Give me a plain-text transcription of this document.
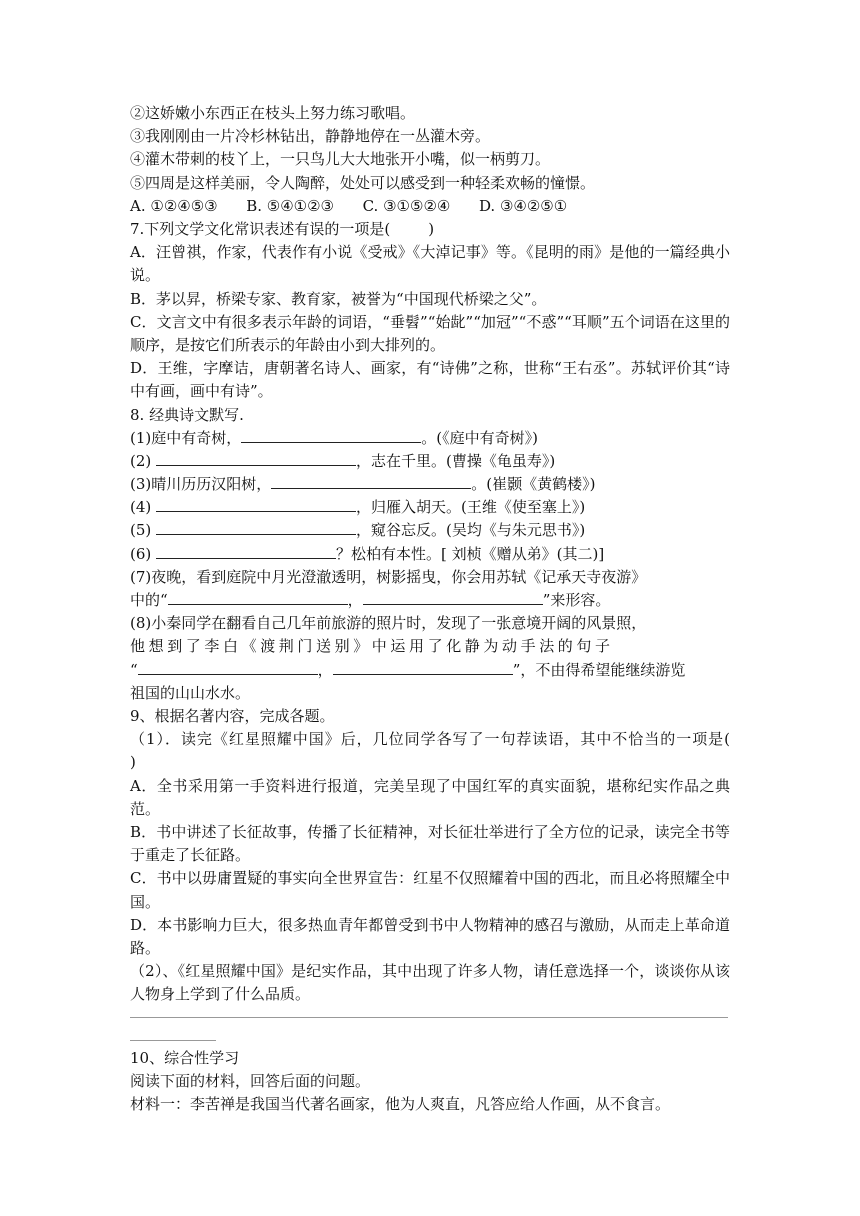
②这娇嫩小东西正在枝头上努力练习歌唱。
③我刚刚由一片冷杉林钻出，静静地停在一丛灌木旁。
④灌木带刺的枝丫上，一只鸟儿大大地张开小嘴，似一柄剪刀。
⑤四周是这样美丽，令人陶醉，处处可以感受到一种轻柔欢畅的憧憬。
A. ①②④⑤③      B. ⑤④①②③      C. ③①⑤②④      D. ③④②⑤①
7.下列文学文化常识表述有误的一项是(        )
A．汪曾祺，作家，代表作有小说《受戒》《大淖记事》等。《昆明的雨》是他的一篇经典小说。
B．茅以昇，桥梁专家、教育家，被誉为“中国现代桥梁之父”。
C．文言文中有很多表示年龄的词语，“垂髫”“始龀”“加冠”“不惑”“耳顺”五个词语在这里的顺序，是按它们所表示的年龄由小到大排列的。
D．王维，字摩诘，唐朝著名诗人、画家，有“诗佛”之称，世称“王右丞”。苏轼评价其“诗中有画，画中有诗”。
8. 经典诗文默写.
(1)庭中有奇树，	。(《庭中有奇树》)
(2)	，志在千里。(曹操《龟虽寿》)
(3)晴川历历汉阳树，	。(崔颢《黄鹤楼》)
(4)	，归雁入胡天。(王维《使至塞上》)
(5)	，窥谷忘反。(吴均《与朱元思书》)
(6)	？松柏有本性。[ 刘桢《赠从弟》(其二)]
(7)夜晚，看到庭院中月光澄澈透明，树影摇曳，你会用苏轼《记承天寺夜游》
中的“	，	”来形容。
(8)小秦同学在翻看自己几年前旅游的照片时，发现了一张意境开阔的风景照，
他想到了李白《渡荆门送别》中运用了化静为动手法的句子
“	，	”，不由得希望能继续游览
祖国的山山水水。
9、根据名著内容，完成各题。
（1）．读完《红星照耀中国》后，几位同学各写了一句荐读语，其中不恰当的一项是(        )
A．全书采用第一手资料进行报道，完美呈现了中国红军的真实面貌，堪称纪实作品之典范。
B．书中讲述了长征故事，传播了长征精神，对长征壮举进行了全方位的记录，读完全书等于重走了长征路。
C．书中以毋庸置疑的事实向全世界宣告：红星不仅照耀着中国的西北，而且必将照耀全中国。
D．本书影响力巨大，很多热血青年都曾受到书中人物精神的感召与激励，从而走上革命道路。
（2）、《红星照耀中国》是纪实作品，其中出现了许多人物，请任意选择一个，谈谈你从该人物身上学到了什么品质。
10、综合性学习
阅读下面的材料，回答后面的问题。
材料一：李苦禅是我国当代著名画家，他为人爽直，凡答应给人作画，从不食言。
